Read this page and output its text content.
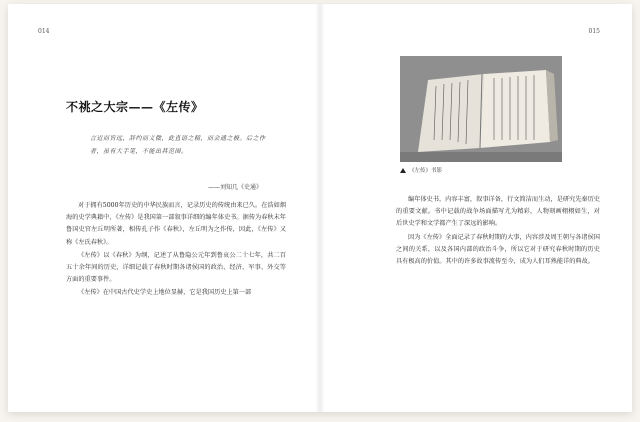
014
不祧之大宗——《左传》
言近而旨远，辞约而义微，此直语之精，而会通之极。后之作者，虽有大手笔，不能出其范围。
——刘知几《史通》

对于拥有5000年历史的中华民族而言，记录历史的传统由来已久。在浩如烟海的史学典籍中，《左传》是我国第一部叙事详细的编年体史书。据传为春秋末年鲁国史官左丘明所著，相传孔子作《春秋》，左丘明为之作传，因此，《左传》又称《左氏春秋》。

《左传》以《春秋》为纲，记述了从鲁隐公元年到鲁哀公二十七年，共二百五十余年间的历史，详细记载了春秋时期各诸侯国的政治、经济、军事、外交等方面的重要事件。

《左传》在中国古代史学史上地位显赫，它是我国历史上第一部

015
《左传》书影

编年体史书，内容丰富，叙事详备，行文简洁而生动，是研究先秦历史的重要文献。书中记载的战争场面描写尤为精彩，人物刻画栩栩如生，对后世史学和文学都产生了深远的影响。

因为《左传》全面记录了春秋时期的大事，内容涉及周王朝与各诸侯国之间的关系，以及各国内部的政治斗争，所以它对于研究春秋时期的历史具有极高的价值。其中的许多故事流传至今，成为人们耳熟能详的典故。
